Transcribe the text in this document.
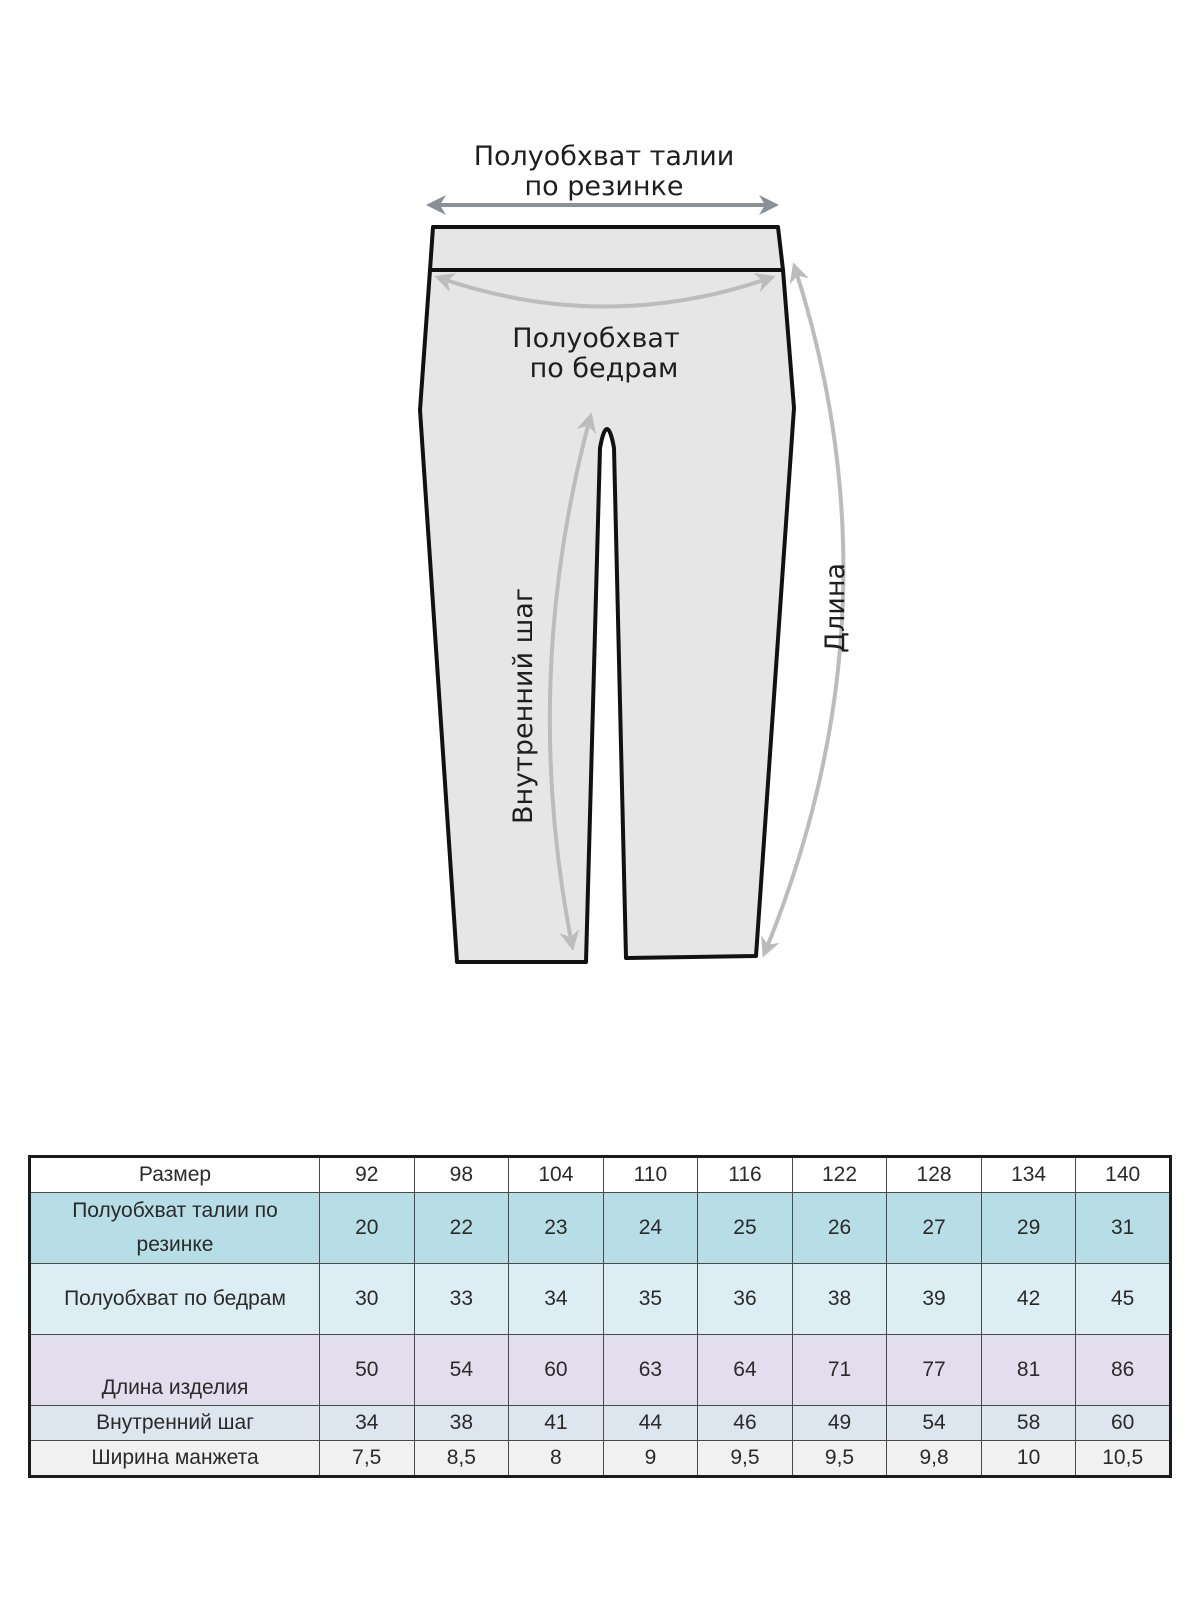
Полуобхват талии
по резинке
Полуобхват
по бедрам
Внутренний шаг	Длина
Размер	92	98	104	110	116	122	128	134	140
Полуобхват талии по резинке	20	22	23	24	25	26	27	29	31
Полуобхват по бедрам	30	33	34	35	36	38	39	42	45
Длина изделия	50	54	60	63	64	71	77	81	86
Внутренний шаг	34	38	41	44	46	49	54	58	60
Ширина манжета	7,5	8,5	8	9	9,5	9,5	9,8	10	10,5
